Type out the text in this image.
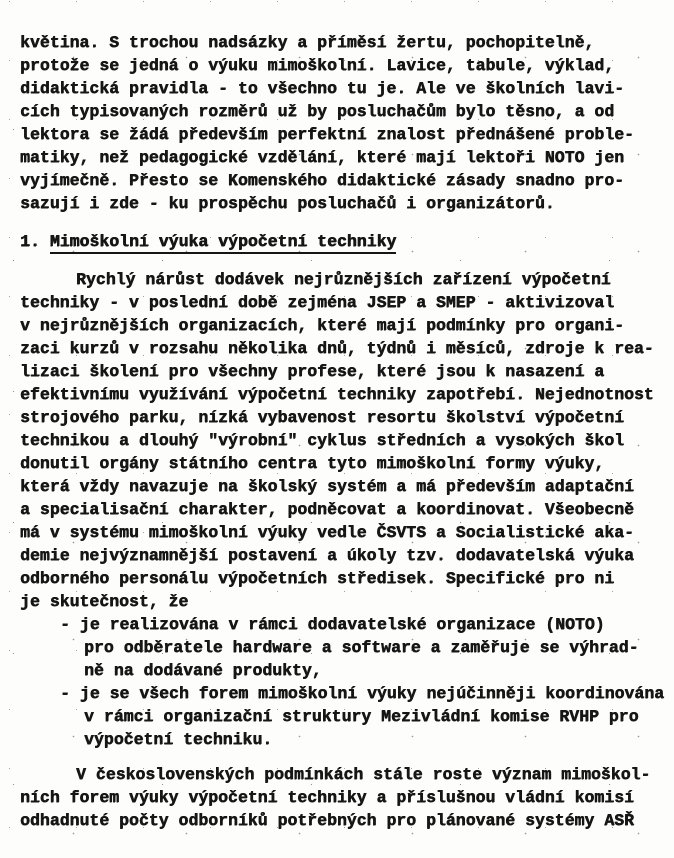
květina. S trochou nadsázky a příměsí žertu, pochopitelně,
protože se jedná o výuku mimoškolní. Lavice, tabule, výklad,
didaktická pravidla - to všechno tu je. Ale ve školních lavi-
cích typisovaných rozměrů už by posluchačům bylo těsno, a od
lektora se žádá především perfektní znalost přednášené proble-
matiky, než pedagogické vzdělání, které mají lektoři NOTO jen
vyjímečně. Přesto se Komenského didaktické zásady snadno pro-
sazují i zde - ku prospěchu posluchačů i organizátorů.
1. Mimoškolní výuka výpočetní techniky
Rychlý nárůst dodávek nejrůznějších zařízení výpočetní
techniky - v poslední době zejména JSEP a SMEP - aktivizoval
v nejrůznějších organizacích, které mají podmínky pro organi-
zaci kurzů v rozsahu několika dnů, týdnů i měsíců, zdroje k rea-
lizaci školení pro všechny profese, které jsou k nasazení a
efektivnímu využívání výpočetní techniky zapotřebí. Nejednotnost
strojového parku, nízká vybavenost resortu školství výpočetní
technikou a dlouhý "výrobní" cyklus středních a vysokých škol
donutil orgány státního centra tyto mimoškolní formy výuky,
která vždy navazuje na školský systém a má především adaptační
a specialisační charakter, podněcovat a koordinovat. Všeobecně
má v systému mimoškolní výuky vedle ČSVTS a Socialistické aka-
demie nejvýznamnější postavení a úkoly tzv. dodavatelská výuka
odborného personálu výpočetních středisek. Specifické pro ni
je skutečnost, že
- je realizována v rámci dodavatelské organizace (NOTO)
pro odběratele hardware a software a zaměřuje se výhrad-
ně na dodávané produkty,
- je se všech forem mimoškolní výuky nejúčinněji koordinována
v rámci organizační struktury Mezivládní komise RVHP pro
výpočetní techniku.
V československých podmínkách stále roste význam mimoškol-
ních forem výuky výpočetní techniky a příslušnou vládní komisí
odhadnuté počty odborníků potřebných pro plánované systémy ASŘ
